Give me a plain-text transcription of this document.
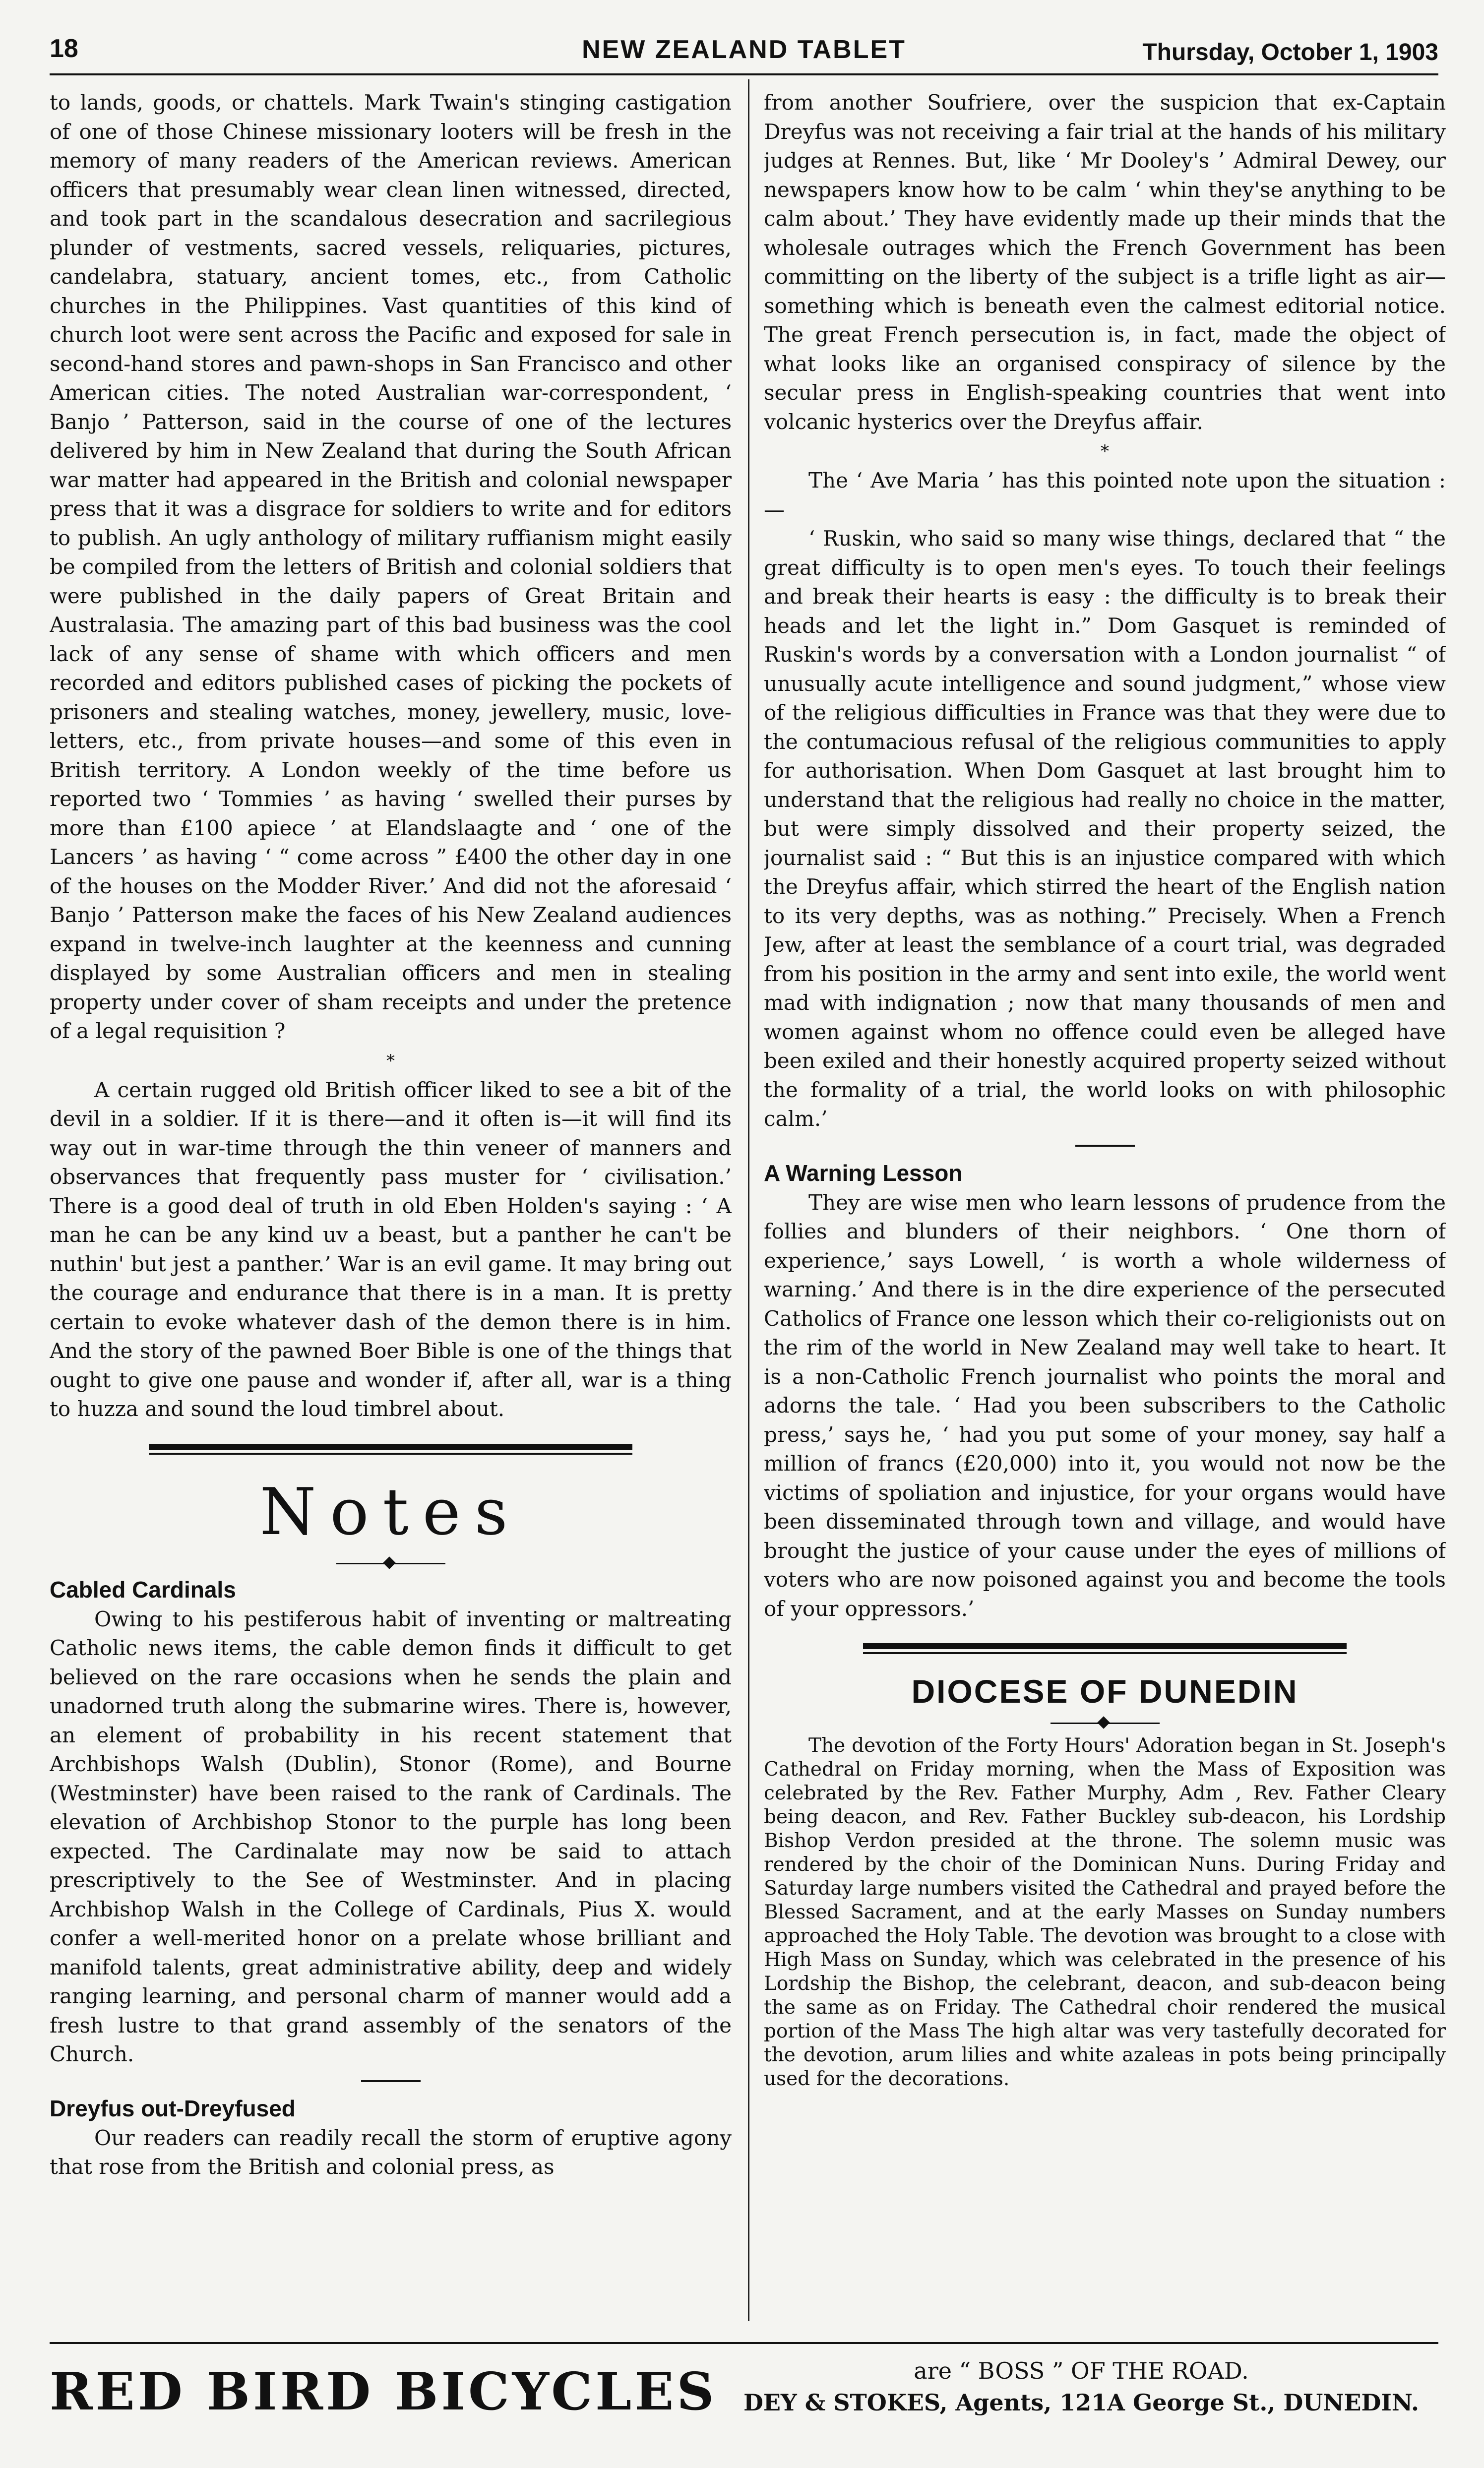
18	NEW ZEALAND TABLET	Thursday, October 1, 1903

to lands, goods, or chattels. Mark Twain's stinging castigation of one of those Chinese missionary looters will be fresh in the memory of many readers of the American reviews. American officers that presumably wear clean linen witnessed, directed, and took part in the scandalous desecration and sacrilegious plunder of vestments, sacred vessels, reliquaries, pictures, candelabra, statuary, ancient tomes, etc., from Catholic churches in the Philippines. Vast quantities of this kind of church loot were sent across the Pacific and exposed for sale in second-hand stores and pawn-shops in San Francisco and other American cities. The noted Australian war-correspondent, ‘ Banjo ’ Patterson, said in the course of one of the lectures delivered by him in New Zealand that during the South African war matter had appeared in the British and colonial newspaper press that it was a disgrace for soldiers to write and for editors to publish. An ugly anthology of military ruffianism might easily be compiled from the letters of British and colonial soldiers that were published in the daily papers of Great Britain and Australasia. The amazing part of this bad business was the cool lack of any sense of shame with which officers and men recorded and editors published cases of picking the pockets of prisoners and stealing watches, money, jewellery, music, love-letters, etc., from private houses—and some of this even in British territory. A London weekly of the time before us reported two ‘ Tommies ’ as having ‘ swelled their purses by more than £100 apiece ’ at Elandslaagte and ‘ one of the Lancers ’ as having ‘ “ come across ” £400 the other day in one of the houses on the Modder River.’ And did not the aforesaid ‘ Banjo ’ Patterson make the faces of his New Zealand audiences expand in twelve-inch laughter at the keenness and cunning displayed by some Australian officers and men in stealing property under cover of sham receipts and under the pretence of a legal requisition ?

*

A certain rugged old British officer liked to see a bit of the devil in a soldier. If it is there—and it often is—it will find its way out in war-time through the thin veneer of manners and observances that frequently pass muster for ‘ civilisation.’ There is a good deal of truth in old Eben Holden's saying : ‘ A man he can be any kind uv a beast, but a panther he can't be nuthin' but jest a panther.’ War is an evil game. It may bring out the courage and endurance that there is in a man. It is pretty certain to evoke whatever dash of the demon there is in him. And the story of the pawned Boer Bible is one of the things that ought to give one pause and wonder if, after all, war is a thing to huzza and sound the loud timbrel about.

Notes
Cabled Cardinals

Owing to his pestiferous habit of inventing or maltreating Catholic news items, the cable demon finds it difficult to get believed on the rare occasions when he sends the plain and unadorned truth along the submarine wires. There is, however, an element of probability in his recent statement that Archbishops Walsh (Dublin), Stonor (Rome), and Bourne (Westminster) have been raised to the rank of Cardinals. The elevation of Archbishop Stonor to the purple has long been expected. The Cardinalate may now be said to attach prescriptively to the See of Westminster. And in placing Archbishop Walsh in the College of Cardinals, Pius X. would confer a well-merited honor on a prelate whose brilliant and manifold talents, great administrative ability, deep and widely ranging learning, and personal charm of manner would add a fresh lustre to that grand assembly of the senators of the Church.

Dreyfus out-Dreyfused

Our readers can readily recall the storm of eruptive agony that rose from the British and colonial press, as

from another Soufriere, over the suspicion that ex-Captain Dreyfus was not receiving a fair trial at the hands of his military judges at Rennes. But, like ‘ Mr Dooley's ’ Admiral Dewey, our newspapers know how to be calm ‘ whin they'se anything to be calm about.’ They have evidently made up their minds that the wholesale outrages which the French Government has been committing on the liberty of the subject is a trifle light as air—something which is beneath even the calmest editorial notice. The great French persecution is, in fact, made the object of what looks like an organised conspiracy of silence by the secular press in English-speaking countries that went into volcanic hysterics over the Dreyfus affair.

*

The ‘ Ave Maria ’ has this pointed note upon the situation :—

‘ Ruskin, who said so many wise things, declared that “ the great difficulty is to open men's eyes. To touch their feelings and break their hearts is easy : the difficulty is to break their heads and let the light in.” Dom Gasquet is reminded of Ruskin's words by a conversation with a London journalist “ of unusually acute intelligence and sound judgment,” whose view of the religious difficulties in France was that they were due to the contumacious refusal of the religious communities to apply for authorisation. When Dom Gasquet at last brought him to understand that the religious had really no choice in the matter, but were simply dissolved and their property seized, the journalist said : “ But this is an injustice compared with which the Dreyfus affair, which stirred the heart of the English nation to its very depths, was as nothing.” Precisely. When a French Jew, after at least the semblance of a court trial, was degraded from his position in the army and sent into exile, the world went mad with indignation ; now that many thousands of men and women against whom no offence could even be alleged have been exiled and their honestly acquired property seized without the formality of a trial, the world looks on with philosophic calm.’

A Warning Lesson

They are wise men who learn lessons of prudence from the follies and blunders of their neighbors. ‘ One thorn of experience,’ says Lowell, ‘ is worth a whole wilderness of warning.’ And there is in the dire experience of the persecuted Catholics of France one lesson which their co-religionists out on the rim of the world in New Zealand may well take to heart. It is a non-Catholic French journalist who points the moral and adorns the tale. ‘ Had you been subscribers to the Catholic press,’ says he, ‘ had you put some of your money, say half a million of francs (£20,000) into it, you would not now be the victims of spoliation and injustice, for your organs would have been disseminated through town and village, and would have brought the justice of your cause under the eyes of millions of voters who are now poisoned against you and become the tools of your oppressors.’

DIOCESE OF DUNEDIN

The devotion of the Forty Hours' Adoration began in St. Joseph's Cathedral on Friday morning, when the Mass of Exposition was celebrated by the Rev. Father Murphy, Adm , Rev. Father Cleary being deacon, and Rev. Father Buckley sub-deacon, his Lordship Bishop Verdon presided at the throne. The solemn music was rendered by the choir of the Dominican Nuns. During Friday and Saturday large numbers visited the Cathedral and prayed before the Blessed Sacrament, and at the early Masses on Sunday numbers approached the Holy Table. The devotion was brought to a close with High Mass on Sunday, which was celebrated in the presence of his Lordship the Bishop, the celebrant, deacon, and sub-deacon being the same as on Friday. The Cathedral choir rendered the musical portion of the Mass The high altar was very tastefully decorated for the devotion, arum lilies and white azaleas in pots being principally used for the decorations.

RED BIRD BICYCLES	are “ BOSS ” OF THE ROAD.
DEY & STOKES, Agents, 121A George St., DUNEDIN.
